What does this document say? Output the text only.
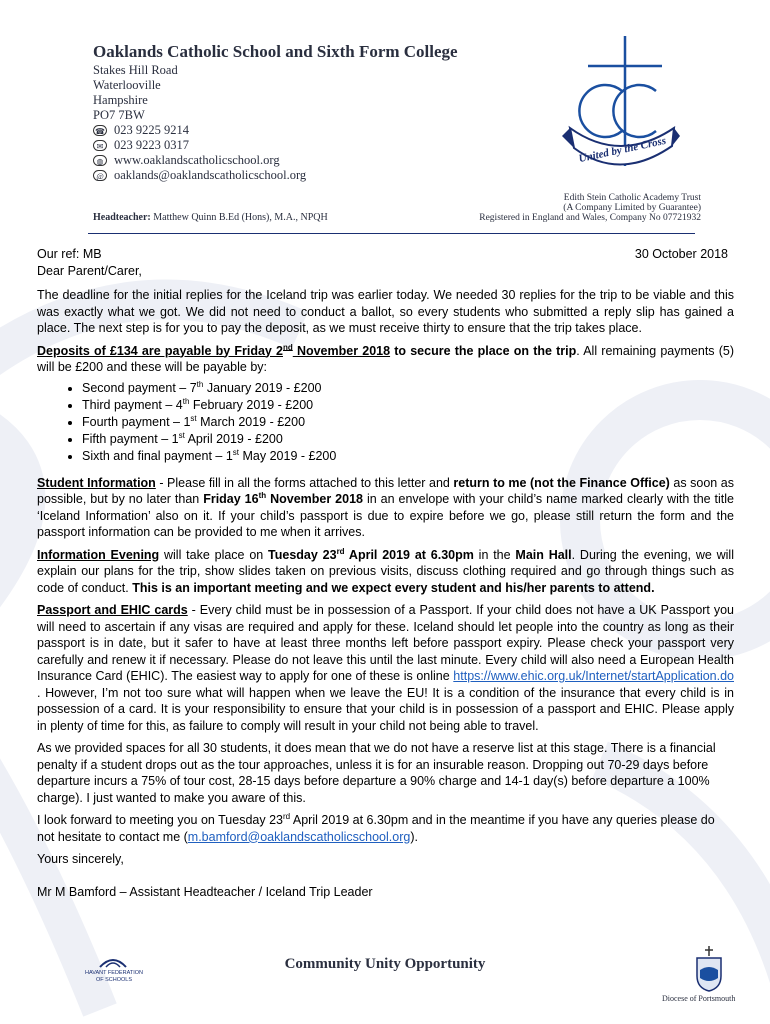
Oaklands Catholic School and Sixth Form College
Stakes Hill Road
Waterlooville
Hampshire
PO7 7BW
☎ 023 9225 9214
✉ 023 9223 0317
◍ www.oaklandscatholicschool.org
@ oaklands@oaklandscatholicschool.org
Headteacher: Matthew Quinn B.Ed (Hons), M.A., NPQH
Edith Stein Catholic Academy Trust
(A Company Limited by Guarantee)
Registered in England and Wales, Company No 07721932
United by the Cross
Our ref: MB	30 October 2018

Dear Parent/Carer,

The deadline for the initial replies for the Iceland trip was earlier today. We needed 30 replies for the trip to be viable and this was exactly what we got. We did not need to conduct a ballot, so every students who submitted a reply slip has gained a place. The next step is for you to pay the deposit, as we must receive thirty to ensure that the trip takes place.

Deposits of £134 are payable by Friday 2nd November 2018 to secure the place on the trip. All remaining payments (5) will be £200 and these will be payable by:

• Second payment – 7th January 2019 - £200
• Third payment – 4th February 2019 - £200
• Fourth payment – 1st March 2019 - £200
• Fifth payment – 1st April 2019 - £200
• Sixth and final payment – 1st May 2019 - £200

Student Information - Please fill in all the forms attached to this letter and return to me (not the Finance Office) as soon as possible, but by no later than Friday 16th November 2018 in an envelope with your child’s name marked clearly with the title ‘Iceland Information’ also on it. If your child’s passport is due to expire before we go, please still return the form and the passport information can be provided to me when it arrives.

Information Evening will take place on Tuesday 23rd April 2019 at 6.30pm in the Main Hall. During the evening, we will explain our plans for the trip, show slides taken on previous visits, discuss clothing required and go through things such as code of conduct. This is an important meeting and we expect every student and his/her parents to attend.

Passport and EHIC cards - Every child must be in possession of a Passport. If your child does not have a UK Passport you will need to ascertain if any visas are required and apply for these. Iceland should let people into the country as long as their passport is in date, but it safer to have at least three months left before passport expiry. Please check your passport very carefully and renew it if necessary. Please do not leave this until the last minute. Every child will also need a European Health Insurance Card (EHIC). The easiest way to apply for one of these is online https://www.ehic.org.uk/Internet/startApplication.do . However, I’m not too sure what will happen when we leave the EU! It is a condition of the insurance that every child is in possession of a card. It is your responsibility to ensure that your child is in possession of a passport and EHIC. Please apply in plenty of time for this, as failure to comply will result in your child not being able to travel.

As we provided spaces for all 30 students, it does mean that we do not have a reserve list at this stage. There is a financial penalty if a student drops out as the tour approaches, unless it is for an insurable reason. Dropping out 70-29 days before departure incurs a 75% of tour cost, 28-15 days before departure a 90% charge and 14-1 day(s) before departure a 100% charge). I just wanted to make you aware of this.

I look forward to meeting you on Tuesday 23rd April 2019 at 6.30pm and in the meantime if you have any queries please do not hesitate to contact me (m.bamford@oaklandscatholicschool.org).

Yours sincerely,

Mr M Bamford – Assistant Headteacher / Iceland Trip Leader

HAVANT FEDERATION
OF SCHOOLS
Community Unity Opportunity
Diocese of Portsmouth
